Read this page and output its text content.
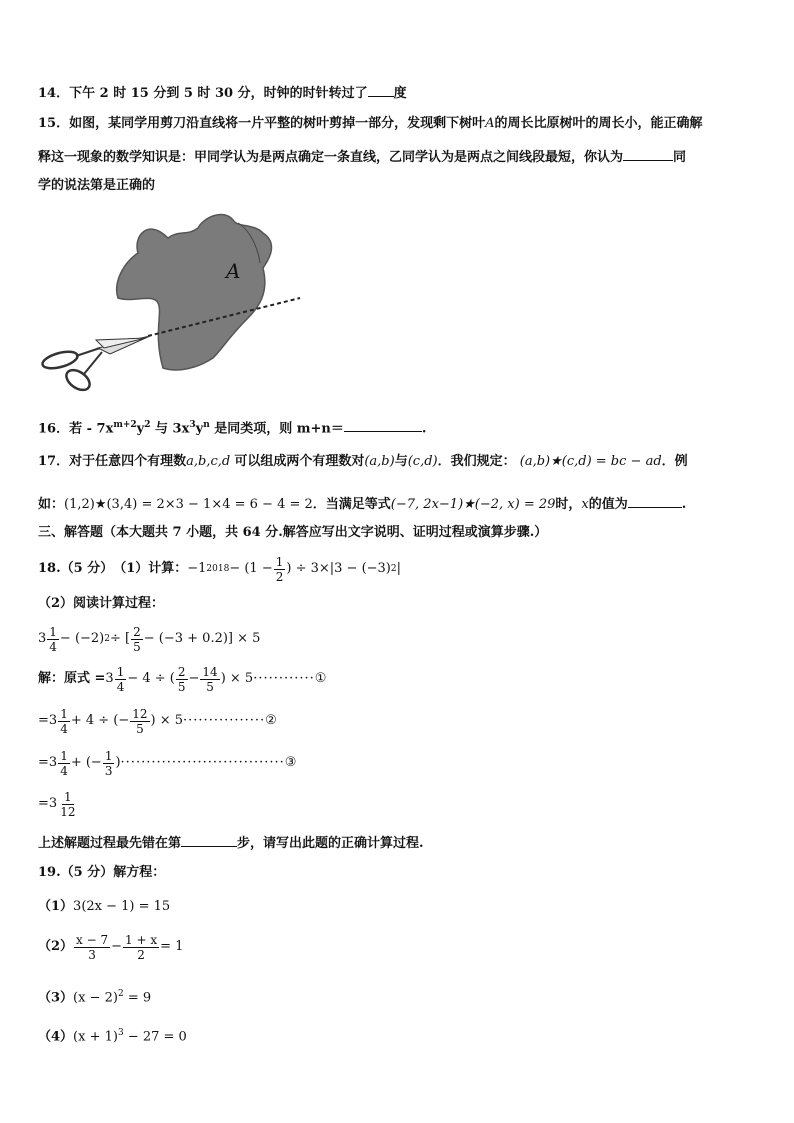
14．下午 2 时 15 分到 5 时 30 分，时钟的时针转过了 度
15．如图，某同学用剪刀沿直线将一片平整的树叶剪掉一部分，发现剩下树叶A的周长比原树叶的周长小，能正确解
释这一现象的数学知识是：甲同学认为是两点确定一条直线，乙同学认为是两点之间线段最短，你认为	同
学的说法第是正确的
A
16．若 - $7x^{m+2}y^2$ 与 $3x^3y^n$ 是同类项，则 m+n＝	.
17．对于任意四个有理数a,b,c,d 可以组成两个有理数对(a,b)与(c,d)．我们规定： (a,b)★(c,d) = bc − ad．例
如：(1,2)★(3,4) = 2×3 − 1×4 = 6 − 4 = 2．当满足等式(−7, 2x−1)★(−2, x) = 29时，x的值为	.
三、解答题（本大题共 7 小题，共 64 分.解答应写出文字说明、证明过程或演算步骤.）
18. （5 分） （1）计算： −1 $2018 - (1 - \frac{1}{2}$ ) ÷ 3×|3 − (−3) 2 |
（2）阅读计算过程：
$3 \frac{1}{4} - (-2) 2$ ÷ [ $\frac{2}{5} - (-3 + 0.2)] \times 5$
解：原式 = $3 \frac{1}{4} - 4$ ÷ ( $\frac{2}{5} - \frac{14}{5}$ ) × 5 ············ ①
= $3 \frac{1}{4} + 4$ ÷ (− $\frac{12}{5}$ ) × 5 ················ ②
= $3 \frac{1}{4}$ + (− $\frac{1}{3}$ ) ································ ③
= $3 \frac{1}{12}$
上述解题过程最先错在第	步，请写出此题的正确计算过程.
19.（5 分）解方程：
（1）3(2x − 1) = 15
$(2) \frac{x - 7}{3} - \frac{1 + x}{2} = 1$
$(3)(x - 2)^2 = 9$
$(4)(x + 1)^3 - 27 = 0$
